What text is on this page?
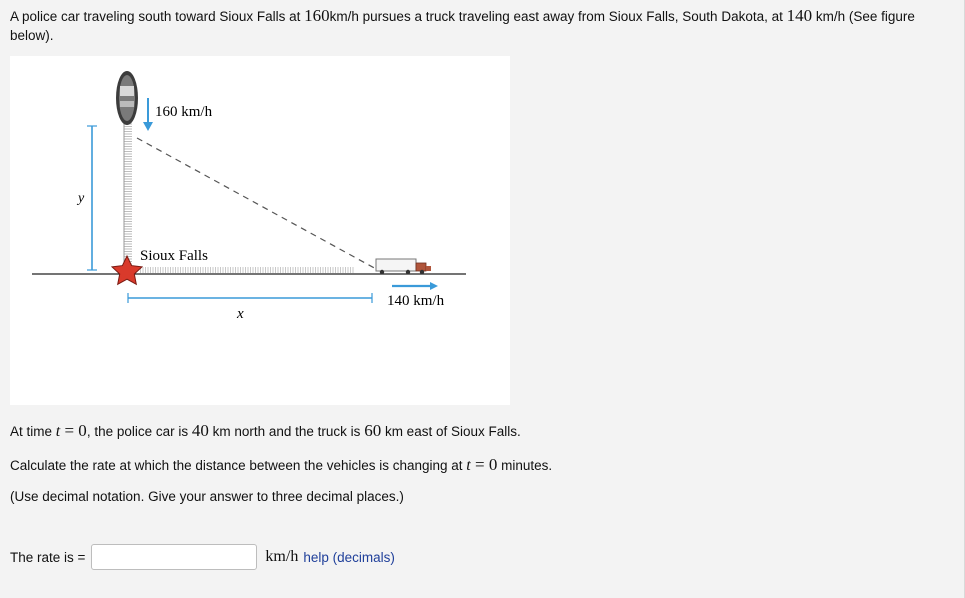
A police car traveling south toward Sioux Falls at 160km/h pursues a truck traveling east away from Sioux Falls, South Dakota, at 140 km/h (See figure below).
y
x
160 km/h
Sioux Falls
140 km/h
At time t = 0, the police car is 40 km north and the truck is 60 km east of Sioux Falls.
Calculate the rate at which the distance between the vehicles is changing at t = 0 minutes.
(Use decimal notation. Give your answer to three decimal places.)
The rate is =	km/h help (decimals)
